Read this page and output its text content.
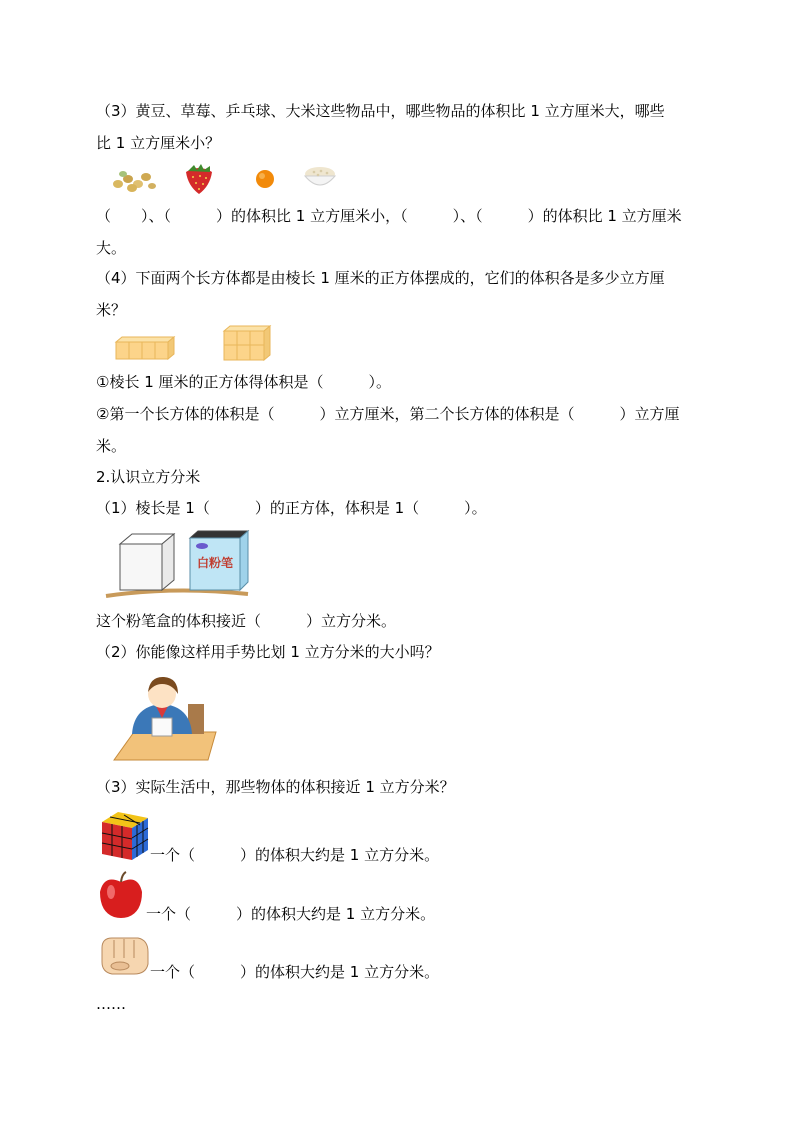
（3）黄豆、草莓、乒乓球、大米这些物品中，哪些物品的体积比 1 立方厘米大，哪些
比 1 立方厘米小？
（　　）、（　　　）的体积比 1 立方厘米小，（　　　）、（　　　）的体积比 1 立方厘米
大。
（4）下面两个长方体都是由棱长 1 厘米的正方体摆成的，它们的体积各是多少立方厘
米？
①棱长 1 厘米的正方体得体积是（　　　）。
②第一个长方体的体积是（　　　）立方厘米，第二个长方体的体积是（　　　）立方厘
米。
2.认识立方分米
（1）棱长是 1（　　　）的正方体，体积是 1（　　　）。
白粉笔
这个粉笔盒的体积接近（　　　）立方分米。
（2）你能像这样用手势比划 1 立方分米的大小吗？
（3）实际生活中，那些物体的体积接近 1 立方分米？
一个（　　　）的体积大约是 1 立方分米。
一个（　　　）的体积大约是 1 立方分米。
一个（　　　）的体积大约是 1 立方分米。
……
